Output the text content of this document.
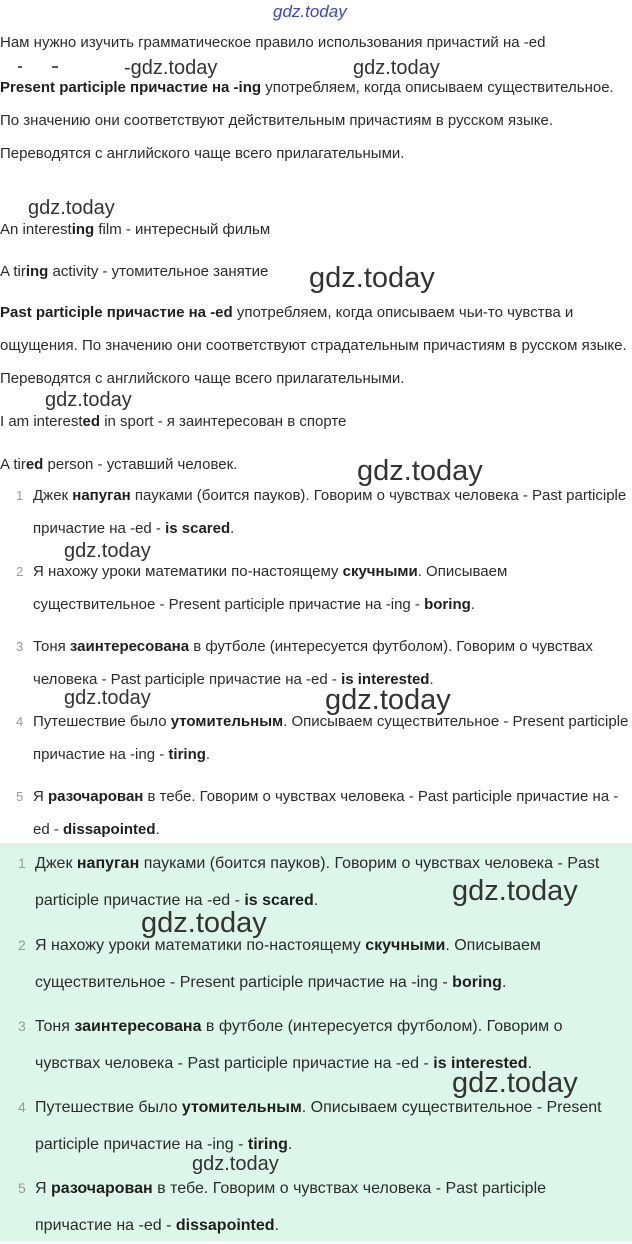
gdz.today
Нам нужно изучить грамматическое правило использования причастий на -ed
-gdz.today	gdz.today
Present participle причастие на -ing употребляем, когда описываем существительное. По значению они соответствуют действительным причастиям в русском языке. Переводятся с английского чаще всего прилагательными.
gdz.today
An interesting film - интересный фильм
A tiring activity - утомительное занятие gdz.today
Past participle причастие на -ed употребляем, когда описываем чьи-то чувства и ощущения. По значению они соответствуют страдательным причастиям в русском языке. Переводятся с английского чаще всего прилагательными.
gdz.today
I am interested in sport - я заинтересован в спорте
A tired person - уставший человек.	gdz.today
1 Джек напуган пауками (боится пауков). Говорим о чувствах человека - Past participle причастие на -ed - is scared.
gdz.today
2 Я нахожу уроки математики по-настоящему скучными. Описываем существительное - Present participle причастие на -ing - boring.
3 Тоня заинтересована в футболе (интересуется футболом). Говорим о чувствах человека - Past participle причастие на -ed - is interested.
gdz.today	gdz.today
4 Путешествие было утомительным. Описываем существительное - Present participle причастие на -ing - tiring.
5 Я разочарован в тебе. Говорим о чувствах человека - Past participle причастие на -ed - dissapointed.
1 Джек напуган пауками (боится пауков). Говорим о чувствах человека - Past participle причастие на -ed - is scared.	gdz.today
gdz.today
2 Я нахожу уроки математики по-настоящему скучными. Описываем существительное - Present participle причастие на -ing - boring.
3 Тоня заинтересована в футболе (интересуется футболом). Говорим о чувствах человека - Past participle причастие на -ed - is interested.
gdz.today
4 Путешествие было утомительным. Описываем существительное - Present participle причастие на -ing - tiring.
gdz.today
5 Я разочарован в тебе. Говорим о чувствах человека - Past participle причастие на -ed - dissapointed.
